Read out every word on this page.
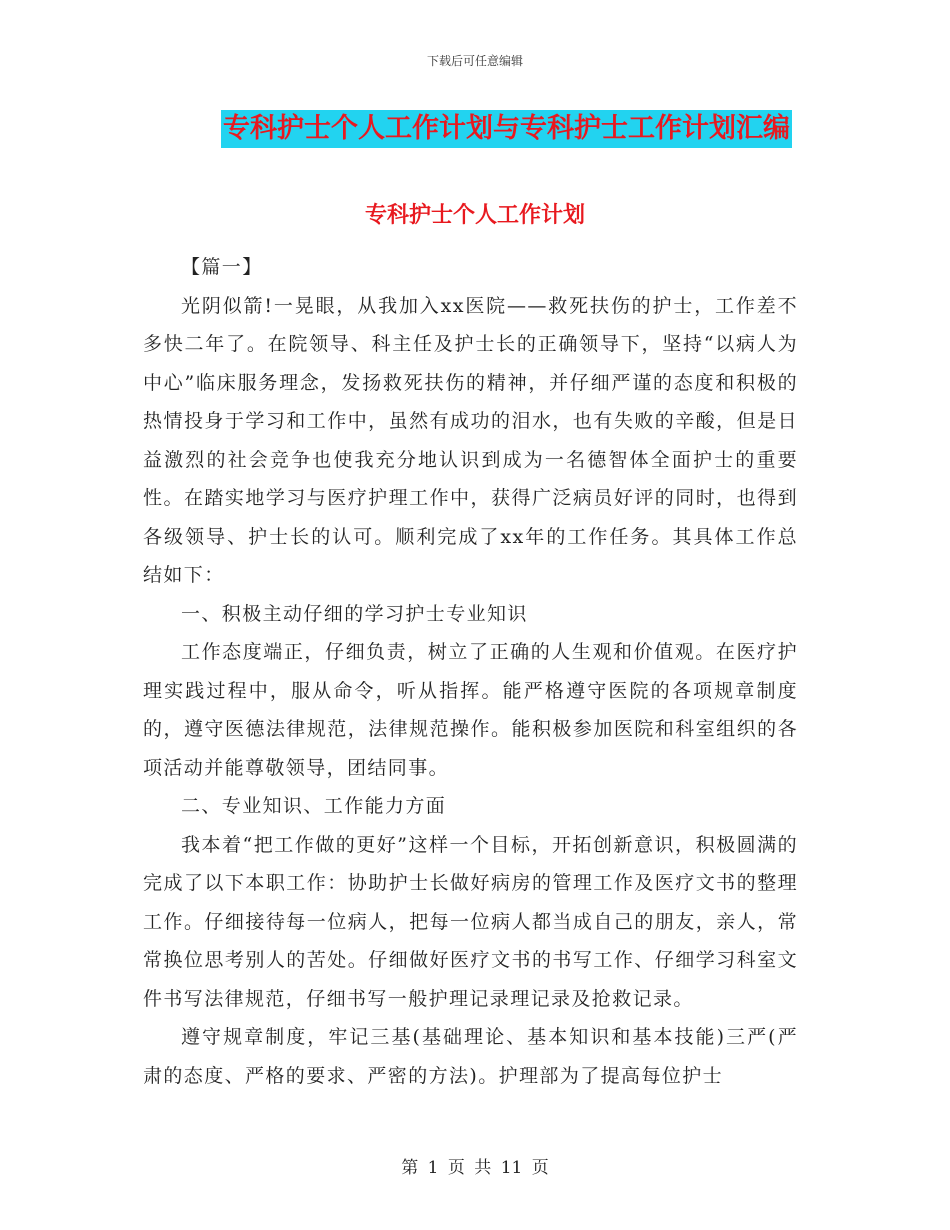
下载后可任意编辑
专科护士个人工作计划与专科护士工作计划汇编
专科护士个人工作计划

【篇一】

光阴似箭!一晃眼，从我加入xx医院——救死扶伤的护士，工作差不多快二年了。在院领导、科主任及护士长的正确领导下，坚持“以病人为中心”临床服务理念，发扬救死扶伤的精神，并仔细严谨的态度和积极的热情投身于学习和工作中，虽然有成功的泪水，也有失败的辛酸，但是日益激烈的社会竞争也使我充分地认识到成为一名德智体全面护士的重要性。在踏实地学习与医疗护理工作中，获得广泛病员好评的同时，也得到各级领导、护士长的认可。顺利完成了xx年的工作任务。其具体工作总结如下：

一、积极主动仔细的学习护士专业知识

工作态度端正，仔细负责，树立了正确的人生观和价值观。在医疗护理实践过程中，服从命令，听从指挥。能严格遵守医院的各项规章制度的，遵守医德法律规范，法律规范操作。能积极参加医院和科室组织的各项活动并能尊敬领导，团结同事。

二、专业知识、工作能力方面

我本着“把工作做的更好”这样一个目标，开拓创新意识，积极圆满的完成了以下本职工作：协助护士长做好病房的管理工作及医疗文书的整理工作。仔细接待每一位病人，把每一位病人都当成自己的朋友，亲人，常常换位思考别人的苦处。仔细做好医疗文书的书写工作、仔细学习科室文件书写法律规范，仔细书写一般护理记录理记录及抢救记录。

遵守规章制度，牢记三基(基础理论、基本知识和基本技能)三严(严肃的态度、严格的要求、严密的方法)。护理部为了提高每位护士

第 1 页 共 11 页
